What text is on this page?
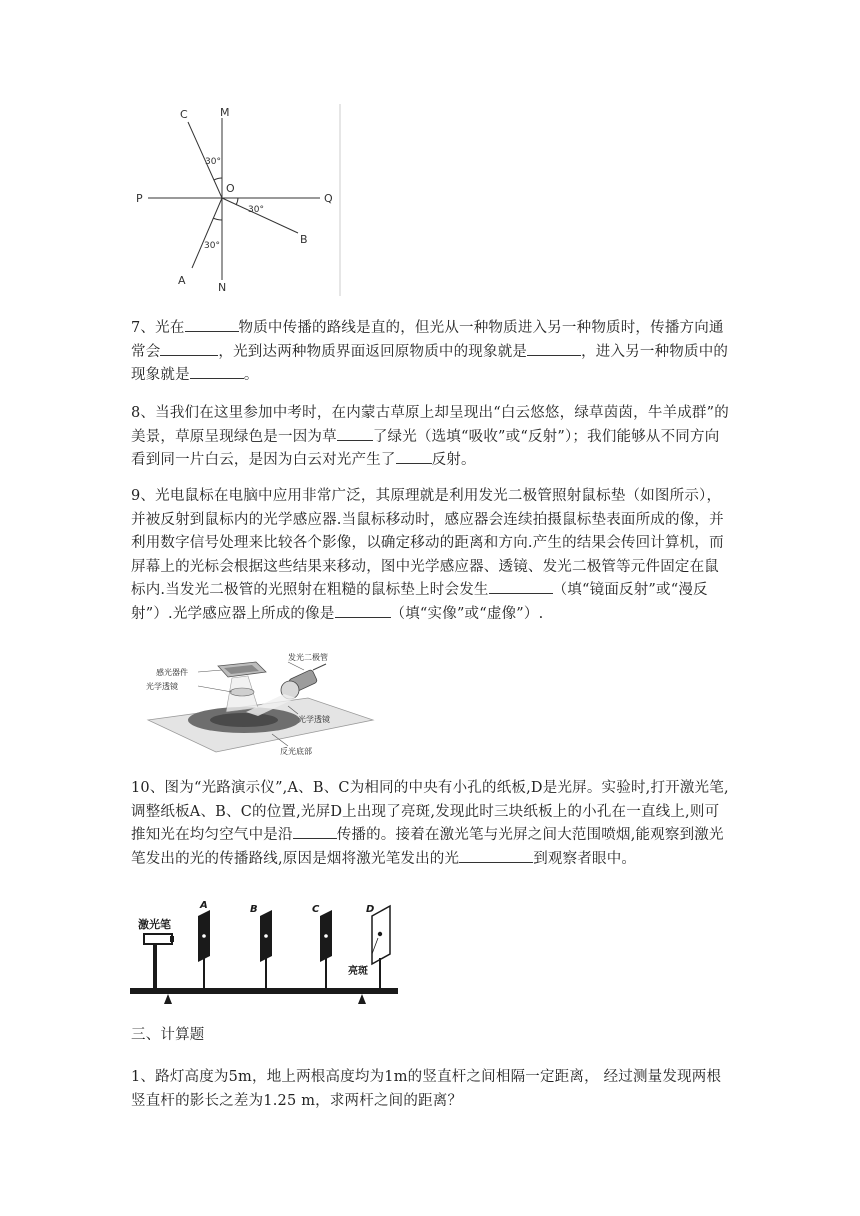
C	M
O
P	Q
B
A
N
30°
30°
30°

7、光在	物质中传播的路线是直的，但光从一种物质进入另一种物质时，传播方向通常会	，光到达两种物质界面返回原物质中的现象就是	，进入另一种物质中的现象就是	。

8、当我们在这里参加中考时，在内蒙古草原上却呈现出“白云悠悠，绿草茵茵，牛羊成群”的美景，草原呈现绿色是一因为草 了绿光（选填“吸收”或“反射”）；我们能够从不同方向看到同一片白云，是因为白云对光产生了 反射。

9、光电鼠标在电脑中应用非常广泛，其原理就是利用发光二极管照射鼠标垫（如图所示），并被反射到鼠标内的光学感应器.当鼠标移动时，感应器会连续拍摄鼠标垫表面所成的像，并利用数字信号处理来比较各个影像，以确定移动的距离和方向.产生的结果会传回计算机，而屏幕上的光标会根据这些结果来移动，图中光学感应器、透镜、发光二极管等元件固定在鼠标内.当发光二极管的光照射在粗糙的鼠标垫上时会发生	（填“镜面反射”或“漫反射”）.光学感应器上所成的像是	（填“实像”或“虚像”）.

发光二极管
感光器件
光学透镜
光学透镜
反光底部

10、图为“光路演示仪”,A、B、C为相同的中央有小孔的纸板,D是光屏。实验时,打开激光笔,调整纸板A、B、C的位置,光屏D上出现了亮斑,发现此时三块纸板上的小孔在一直线上,则可推知光在均匀空气中是沿	传播的。接着在激光笔与光屏之间大范围喷烟,能观察到激光笔发出的光的传播路线,原因是烟将激光笔发出的光	到观察者眼中。

激光笔
A	B	C	D
亮斑

三、计算题

1、路灯高度为5m，地上两根高度均为1m的竖直杆之间相隔一定距离， 经过测量发现两根竖直杆的影长之差为1.25 m，求两杆之间的距离？
